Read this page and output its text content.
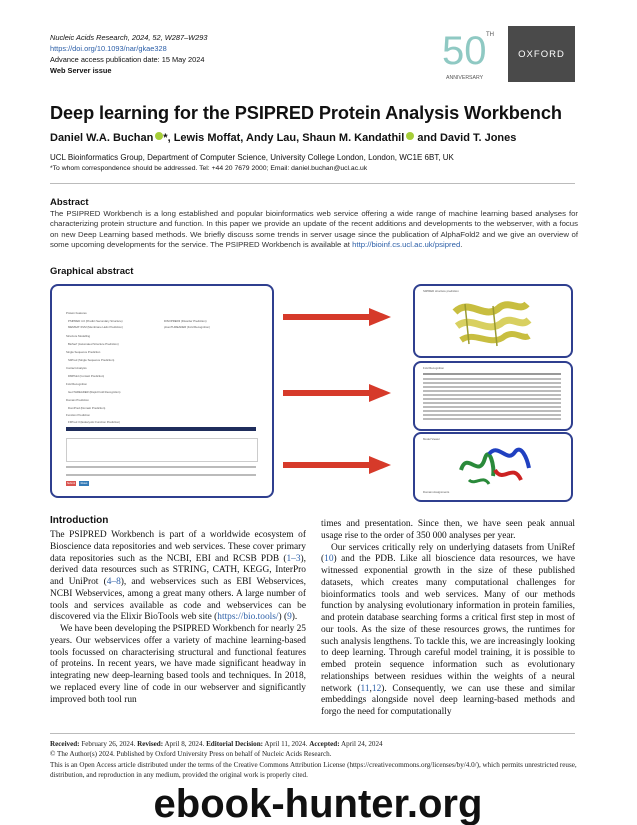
Nucleic Acids Research, 2024, 52, W287–W293
https://doi.org/10.1093/nar/gkae328
Advance access publication date: 15 May 2024
Web Server issue	50 TH
ANNIVERSARY
OXFORD
Deep learning for the PSIPRED Protein Analysis Workbench
Daniel W.A. Buchan *, Lewis Moffat, Andy Lau, Shaun M. Kandathil and David T. Jones
UCL Bioinformatics Group, Department of Computer Science, University College London, London, WC1E 6BT, UK
*To whom correspondence should be addressed. Tel: +44 20 7679 2000; Email: daniel.buchan@ucl.ac.uk
Abstract
The PSIPRED Workbench is a long established and popular bioinformatics web service offering a wide range of machine learning based analyses for characterizing protein structure and function. In this paper we provide an update of the recent additions and developments to the webserver, with a focus on new Deep Learning based methods. We briefly discuss some trends in server usage since the publication of AlphaFold2 and we give an overview of some upcoming developments for the service. The PSIPRED Workbench is available at http://bioinf.cs.ucl.ac.uk/psipred.
Graphical abstract
Protein Features
PSIPRED 4.0 (Predict Secondary Structure)	DISOPRED3 (Disorder Prediction)
MEMSAT-SVM (Membrane Helix Prediction)	pGenTHREADER (Fold Recognition)
Structure Modelling
BioSerf (Automated Structure Prediction)
Single Sequence Prediction
S4Pred (Single Sequence Prediction)
Contact Analysis
DMPfold (Contact Prediction)
Fold Recognition
GenTHREADER (Rapid Fold Recognition)
Domain Prediction
DomPred (Domain Prediction)
Function Prediction
FFPred 3 (Eukaryotic Function Prediction)
Submit	Reset
S4PRED structure prediction
Fold Recognition
Model Viewer
Domain Assignments
Introduction

The PSIPRED Workbench is part of a worldwide ecosystem of Bioscience data repositories and web services. These cover primary data repositories such as the NCBI, EBI and RCSB PDB (1–3), derived data resources such as STRING, CATH, KEGG, InterPro and UniProt (4–8), and webservices such as EBI Webservices, NCBI Webservices, among a great many others. A large number of tools and services available as code and webservices can be discovered via the Elixir BioTools web site (https://bio.tools/) (9).

We have been developing the PSIPRED Workbench for nearly 25 years. Our webservices offer a variety of machine learning-based tools focussed on characterising structural and functional features of proteins. In recent years, we have made significant headway in integrating new deep-learning based tools and techniques. In 2018, we replaced every line of code in our webserver and significantly improved both tool run

times and presentation. Since then, we have seen peak annual usage rise to the order of 350 000 analyses per year.

Our services critically rely on underlying datasets from UniRef (10) and the PDB. Like all bioscience data resources, we have witnessed exponential growth in the size of these published datasets, which creates many computational challenges for bioinformatics tools and web services. Many of our methods function by analysing evolutionary information in protein families, and protein database searching forms a critical first step in most of our tools. As the size of these resources grows, the runtimes for such analysis lengthens. To tackle this, we are increasingly looking to deep learning. Through careful model training, it is possible to embed protein sequence information such as evolutionary relationships between residues within the weights of a neural network (11,12). Consequently, we can use these and similar embeddings alongside novel deep learning-based methods and forgo the need for computationally

Received: February 26, 2024. Revised: April 8, 2024. Editorial Decision: April 11, 2024. Accepted: April 24, 2024
© The Author(s) 2024. Published by Oxford University Press on behalf of Nucleic Acids Research.
This is an Open Access article distributed under the terms of the Creative Commons Attribution License (https://creativecommons.org/licenses/by/4.0/), which permits unrestricted reuse, distribution, and reproduction in any medium, provided the original work is properly cited.
ebook-hunter.org
